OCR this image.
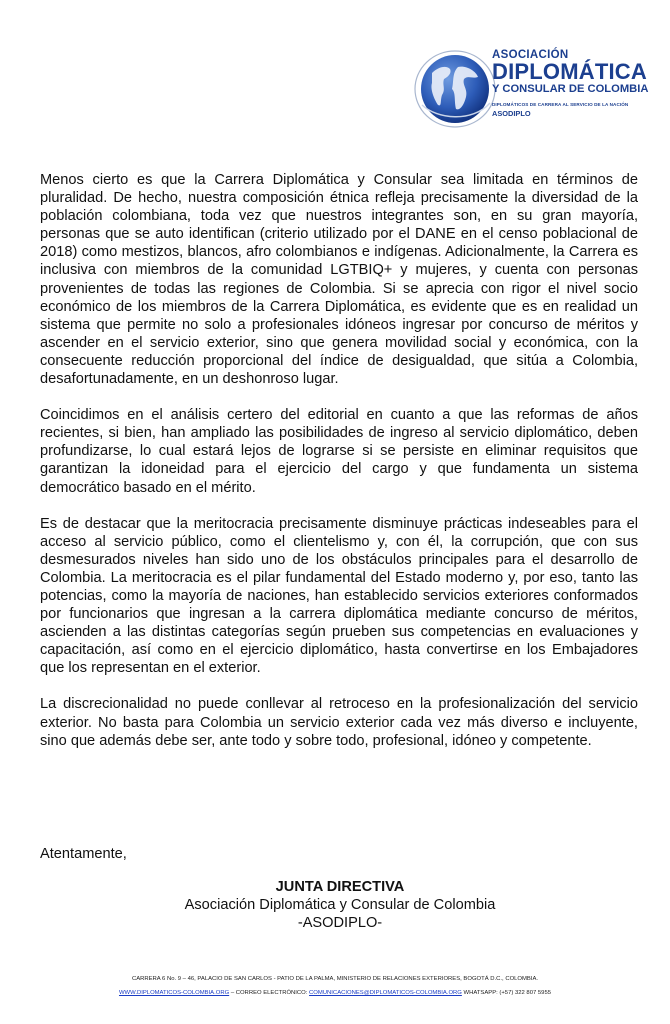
ASOCIACIÓN
DIPLOMÁTICA
Y CONSULAR DE COLOMBIA
DIPLOMÁTICOS DE CARRERA AL SERVICIO DE LA NACIÓN
ASODIPLO

Menos cierto es que la Carrera Diplomática y Consular sea limitada en términos de pluralidad. De hecho, nuestra composición étnica refleja precisamente la diversidad de la población colombiana, toda vez que nuestros integrantes son, en su gran mayoría, personas que se auto identifican (criterio utilizado por el DANE en el censo poblacional de 2018) como mestizos, blancos, afro colombianos e indígenas. Adicionalmente, la Carrera es inclusiva con miembros de la comunidad LGTBIQ+ y mujeres, y cuenta con personas provenientes de todas las regiones de Colombia. Si se aprecia con rigor el nivel socio económico de los miembros de la Carrera Diplomática, es evidente que es en realidad un sistema que permite no solo a profesionales idóneos ingresar por concurso de méritos y ascender en el servicio exterior, sino que genera movilidad social y económica, con la consecuente reducción proporcional del índice de desigualdad, que sitúa a Colombia, desafortunadamente, en un deshonroso lugar.

Coincidimos en el análisis certero del editorial en cuanto a que las reformas de años recientes, si bien, han ampliado las posibilidades de ingreso al servicio diplomático, deben profundizarse, lo cual estará lejos de lograrse si se persiste en eliminar requisitos que garantizan la idoneidad para el ejercicio del cargo y que fundamenta un sistema democrático basado en el mérito.

Es de destacar que la meritocracia precisamente disminuye prácticas indeseables para el acceso al servicio público, como el clientelismo y, con él, la corrupción, que con sus desmesurados niveles han sido uno de los obstáculos principales para el desarrollo de Colombia. La meritocracia es el pilar fundamental del Estado moderno y, por eso, tanto las potencias, como la mayoría de naciones, han establecido servicios exteriores conformados por funcionarios que ingresan a la carrera diplomática mediante concurso de méritos, ascienden a las distintas categorías según prueben sus competencias en evaluaciones y capacitación, así como en el ejercicio diplomático, hasta convertirse en los Embajadores que los representan en el exterior.

La discrecionalidad no puede conllevar al retroceso en la profesionalización del servicio exterior. No basta para Colombia un servicio exterior cada vez más diverso e incluyente, sino que además debe ser, ante todo y sobre todo, profesional, idóneo y competente.

Atentamente,
JUNTA DIRECTIVA
Asociación Diplomática y Consular de Colombia
-ASODIPLO-
CARRERA 6 No. 9 – 46, PALACIO DE SAN CARLOS - PATIO DE LA PALMA, MINISTERIO DE RELACIONES EXTERIORES, BOGOTÁ D.C., COLOMBIA.
WWW.DIPLOMATICOS-COLOMBIA.ORG – CORREO ELECTRÓNICO: COMUNICACIONES@DIPLOMATICOS-COLOMBIA.ORG WHATSAPP: (+57) 322 807 5955
